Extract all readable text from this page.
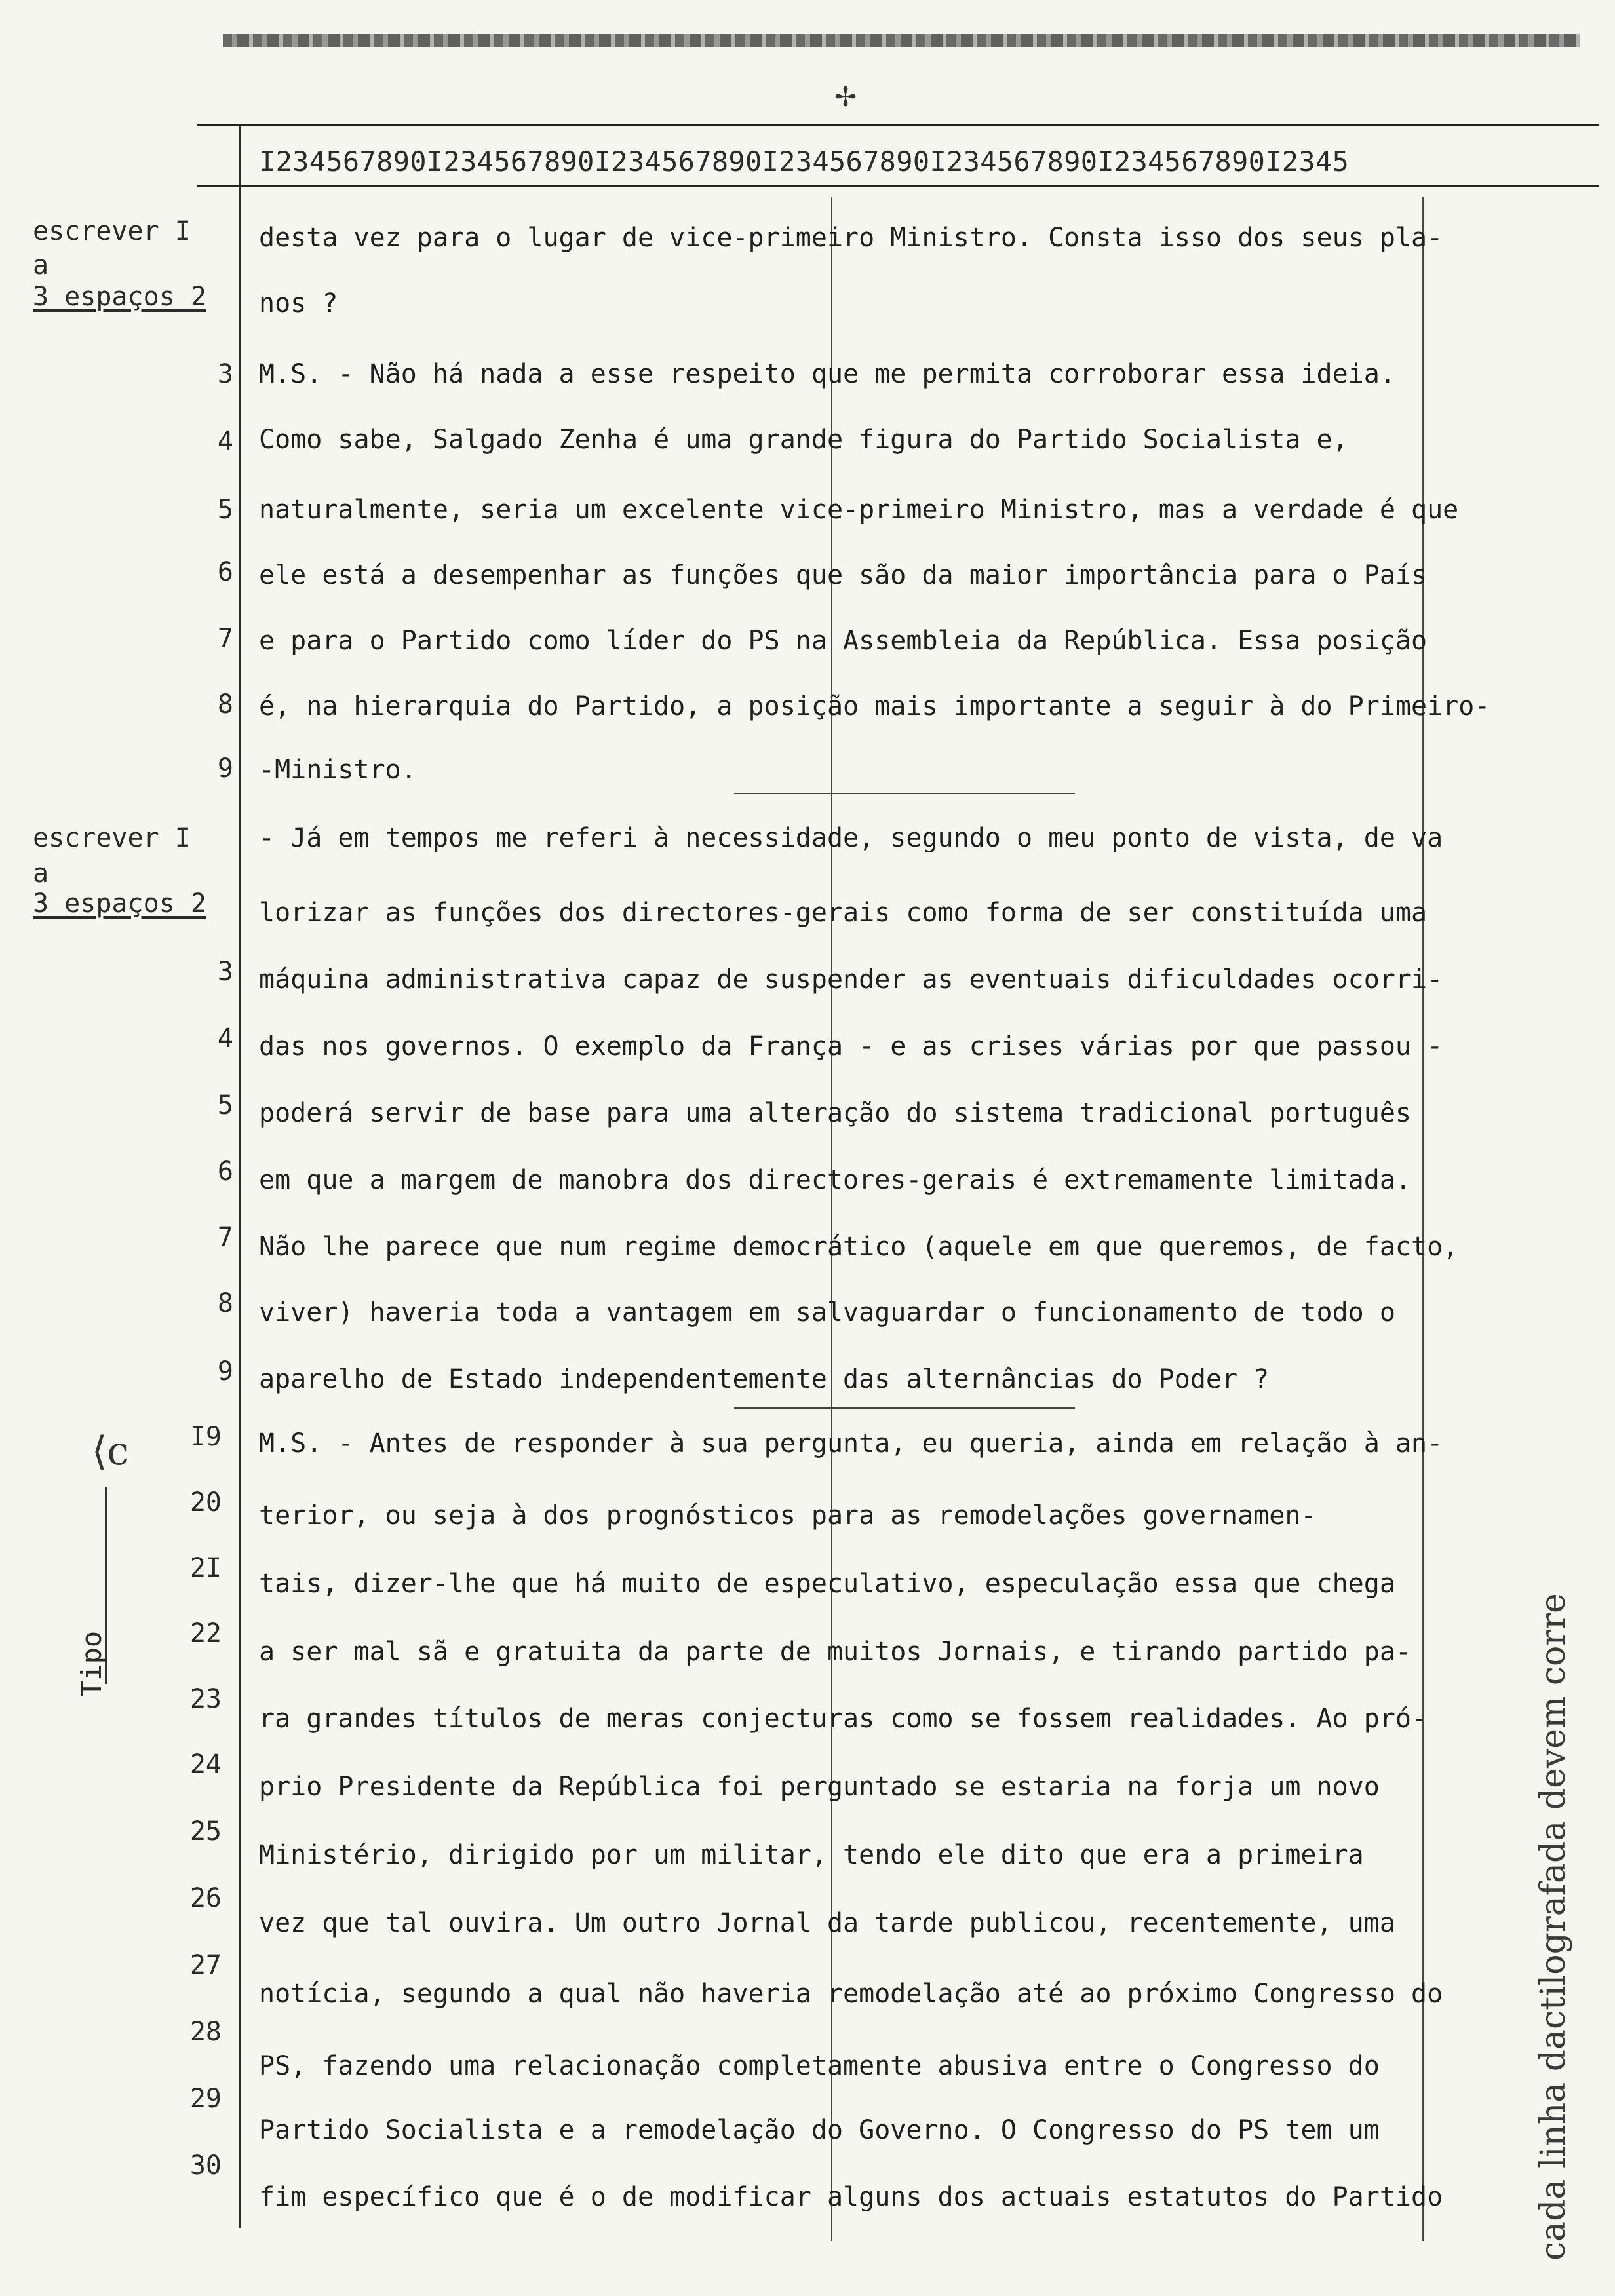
✢
I234567890I234567890I234567890I234567890I234567890I234567890I2345
escrever I
a
3 espaços 2
3
4
5
6
7
8
9
desta vez para o lugar de vice-primeiro Ministro. Consta isso dos seus pla-
nos ?
M.S. - Não há nada a esse respeito que me permita corroborar essa ideia.
Como sabe, Salgado Zenha é uma grande figura do Partido Socialista e,
naturalmente, seria um excelente vice-primeiro Ministro, mas a verdade é que
ele está a desempenhar as funções que são da maior importância para o País
e para o Partido como líder do PS na Assembleia da República. Essa posição
é, na hierarquia do Partido, a posição mais importante a seguir à do Primeiro-
-Ministro.
escrever I
a
3 espaços 2
3
4
5
6
7
8
9
- Já em tempos me referi à necessidade, segundo o meu ponto de vista, de va
lorizar as funções dos directores-gerais como forma de ser constituída uma
máquina administrativa capaz de suspender as eventuais dificuldades ocorri-
das nos governos. O exemplo da França - e as crises várias por que passou -
poderá servir de base para uma alteração do sistema tradicional português
em que a margem de manobra dos directores-gerais é extremamente limitada.
Não lhe parece que num regime democrático (aquele em que queremos, de facto,
viver) haveria toda a vantagem em salvaguardar o funcionamento de todo o
aparelho de Estado independentemente das alternâncias do Poder ?
I9
20
2I
22
23
24
25
26
27
28
29
30
M.S. - Antes de responder à sua pergunta, eu queria, ainda em relação à an-
terior, ou seja à dos prognósticos para as remodelações governamen-
tais, dizer-lhe que há muito de especulativo, especulação essa que chega
a ser mal sã e gratuita da parte de muitos Jornais, e tirando partido pa-
ra grandes títulos de meras conjecturas como se fossem realidades. Ao pró-
prio Presidente da República foi perguntado se estaria na forja um novo
Ministério, dirigido por um militar, tendo ele dito que era a primeira
vez que tal ouvira. Um outro Jornal da tarde publicou, recentemente, uma
notícia, segundo a qual não haveria remodelação até ao próximo Congresso do
PS, fazendo uma relacionação completamente abusiva entre o Congresso do
Partido Socialista e a remodelação do Governo. O Congresso do PS tem um
fim específico que é o de modificar alguns dos actuais estatutos do Partido
⟨c
Tipo	cada linha dactilografada devem corre
